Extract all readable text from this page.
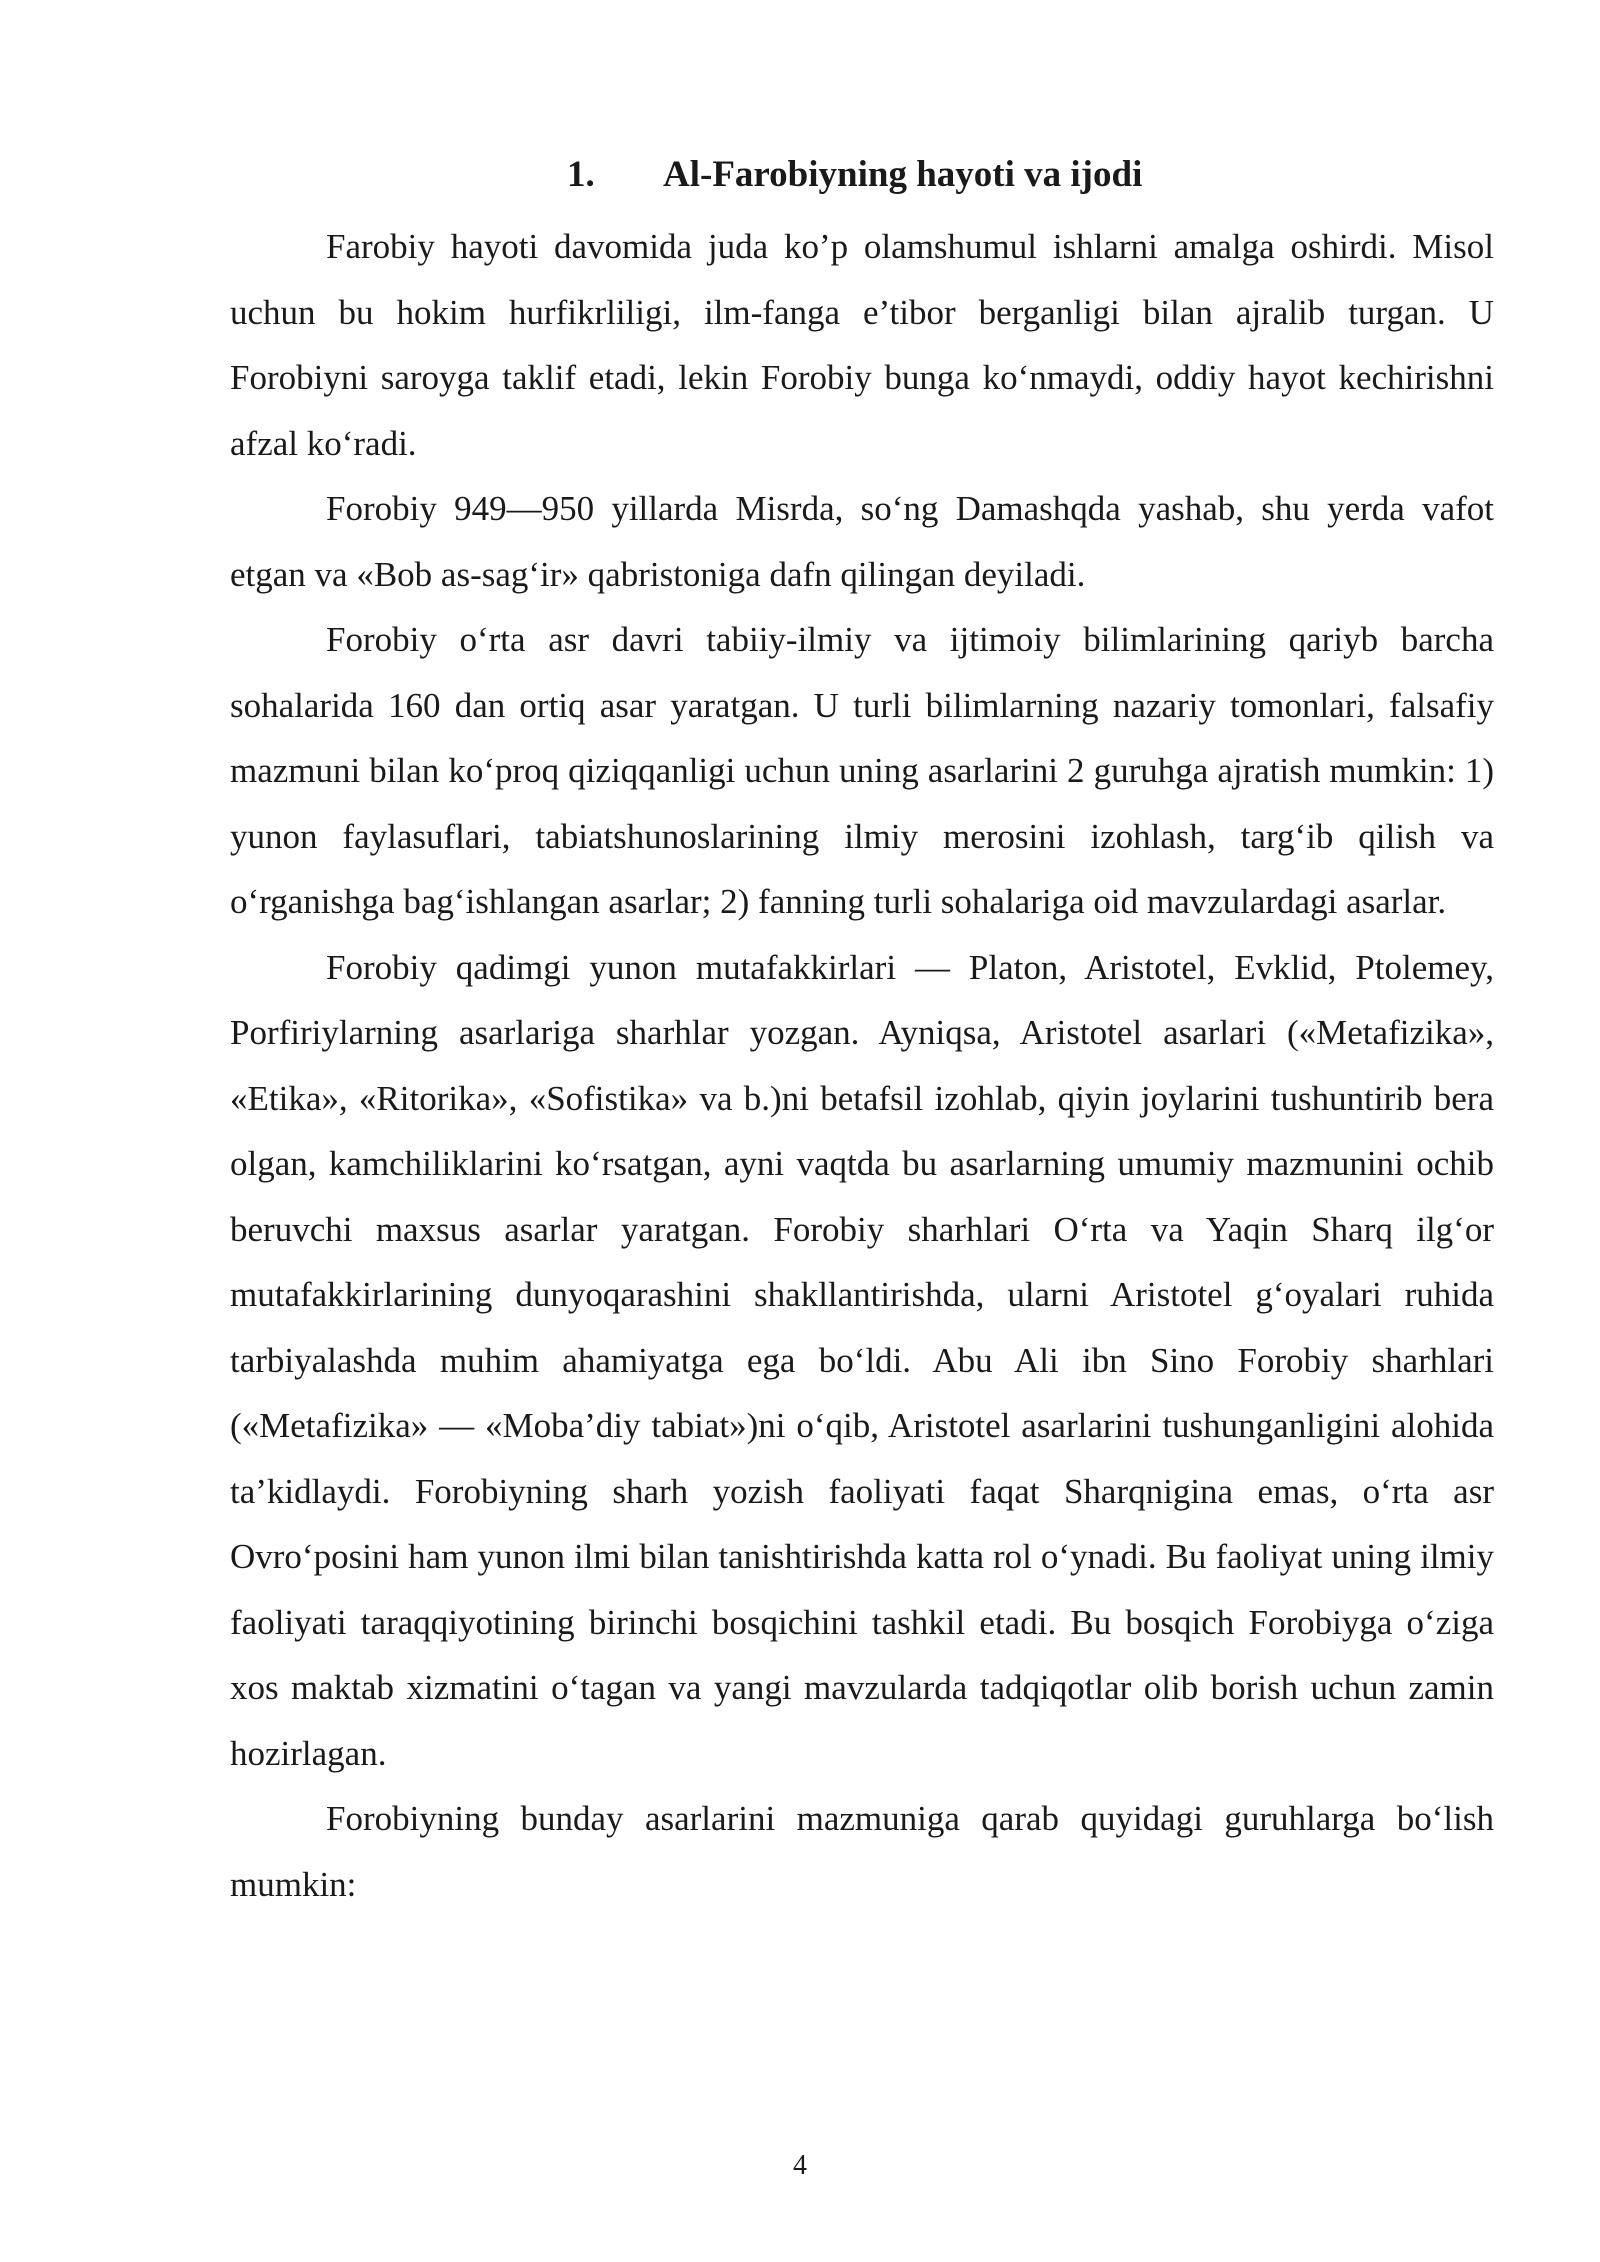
1.	Al-Farobiyning hayoti va ijodi

Farobiy hayoti davomida juda ko’p olamshumul ishlarni amalga oshirdi. Misol uchun bu hokim hurfikrliligi, ilm-fanga e’tibor berganligi bilan ajralib turgan. U Forobiyni saroyga taklif etadi, lekin Forobiy bunga ko‘nmaydi, oddiy hayot kechirishni afzal ko‘radi.

Forobiy 949—950 yillarda Misrda, so‘ng Damashqda yashab, shu yerda vafot etgan va «Bob as-sag‘ir» qabristoniga dafn qilingan deyiladi.

Forobiy o‘rta asr davri tabiiy-ilmiy va ijtimoiy bilimlarining qariyb barcha sohalarida 160 dan ortiq asar yaratgan. U turli bilimlarning nazariy tomonlari, falsafiy mazmuni bilan ko‘proq qiziqqanligi uchun uning asarlarini 2 guruhga ajratish mumkin: 1) yunon faylasuflari, tabiatshunoslarining ilmiy merosini izohlash, targ‘ib qilish va o‘rganishga bag‘ishlangan asarlar; 2) fanning turli sohalariga oid mavzulardagi asarlar.

Forobiy qadimgi yunon mutafakkirlari — Platon, Aristotel, Evklid, Ptolemey, Porfiriylarning asarlariga sharhlar yozgan. Ayniqsa, Aristotel asarlari («Metafizika», «Etika», «Ritorika», «Sofistika» va b.)ni betafsil izohlab, qiyin joylarini tushuntirib bera olgan, kamchiliklarini ko‘rsatgan, ayni vaqtda bu asarlarning umumiy mazmunini ochib beruvchi maxsus asarlar yaratgan. Forobiy sharhlari O‘rta va Yaqin Sharq ilg‘or mutafakkirlarining dunyoqarashini shakllantirishda, ularni Aristotel g‘oyalari ruhida tarbiyalashda muhim ahamiyatga ega bo‘ldi. Abu Ali ibn Sino Forobiy sharhlari («Metafizika» — «Moba’diy tabiat»)ni o‘qib, Aristotel asarlarini tushunganligini alohida ta’kidlaydi. Forobiyning sharh yozish faoliyati faqat Sharqnigina emas, o‘rta asr Ovro‘posini ham yunon ilmi bilan tanishtirishda katta rol o‘ynadi. Bu faoliyat uning ilmiy faoliyati taraqqiyotining birinchi bosqichini tashkil etadi. Bu bosqich Forobiyga o‘ziga xos maktab xizmatini o‘tagan va yangi mavzularda tadqiqotlar olib borish uchun zamin hozirlagan.

Forobiyning bunday asarlarini mazmuniga qarab quyidagi guruhlarga bo‘lish mumkin:

4
